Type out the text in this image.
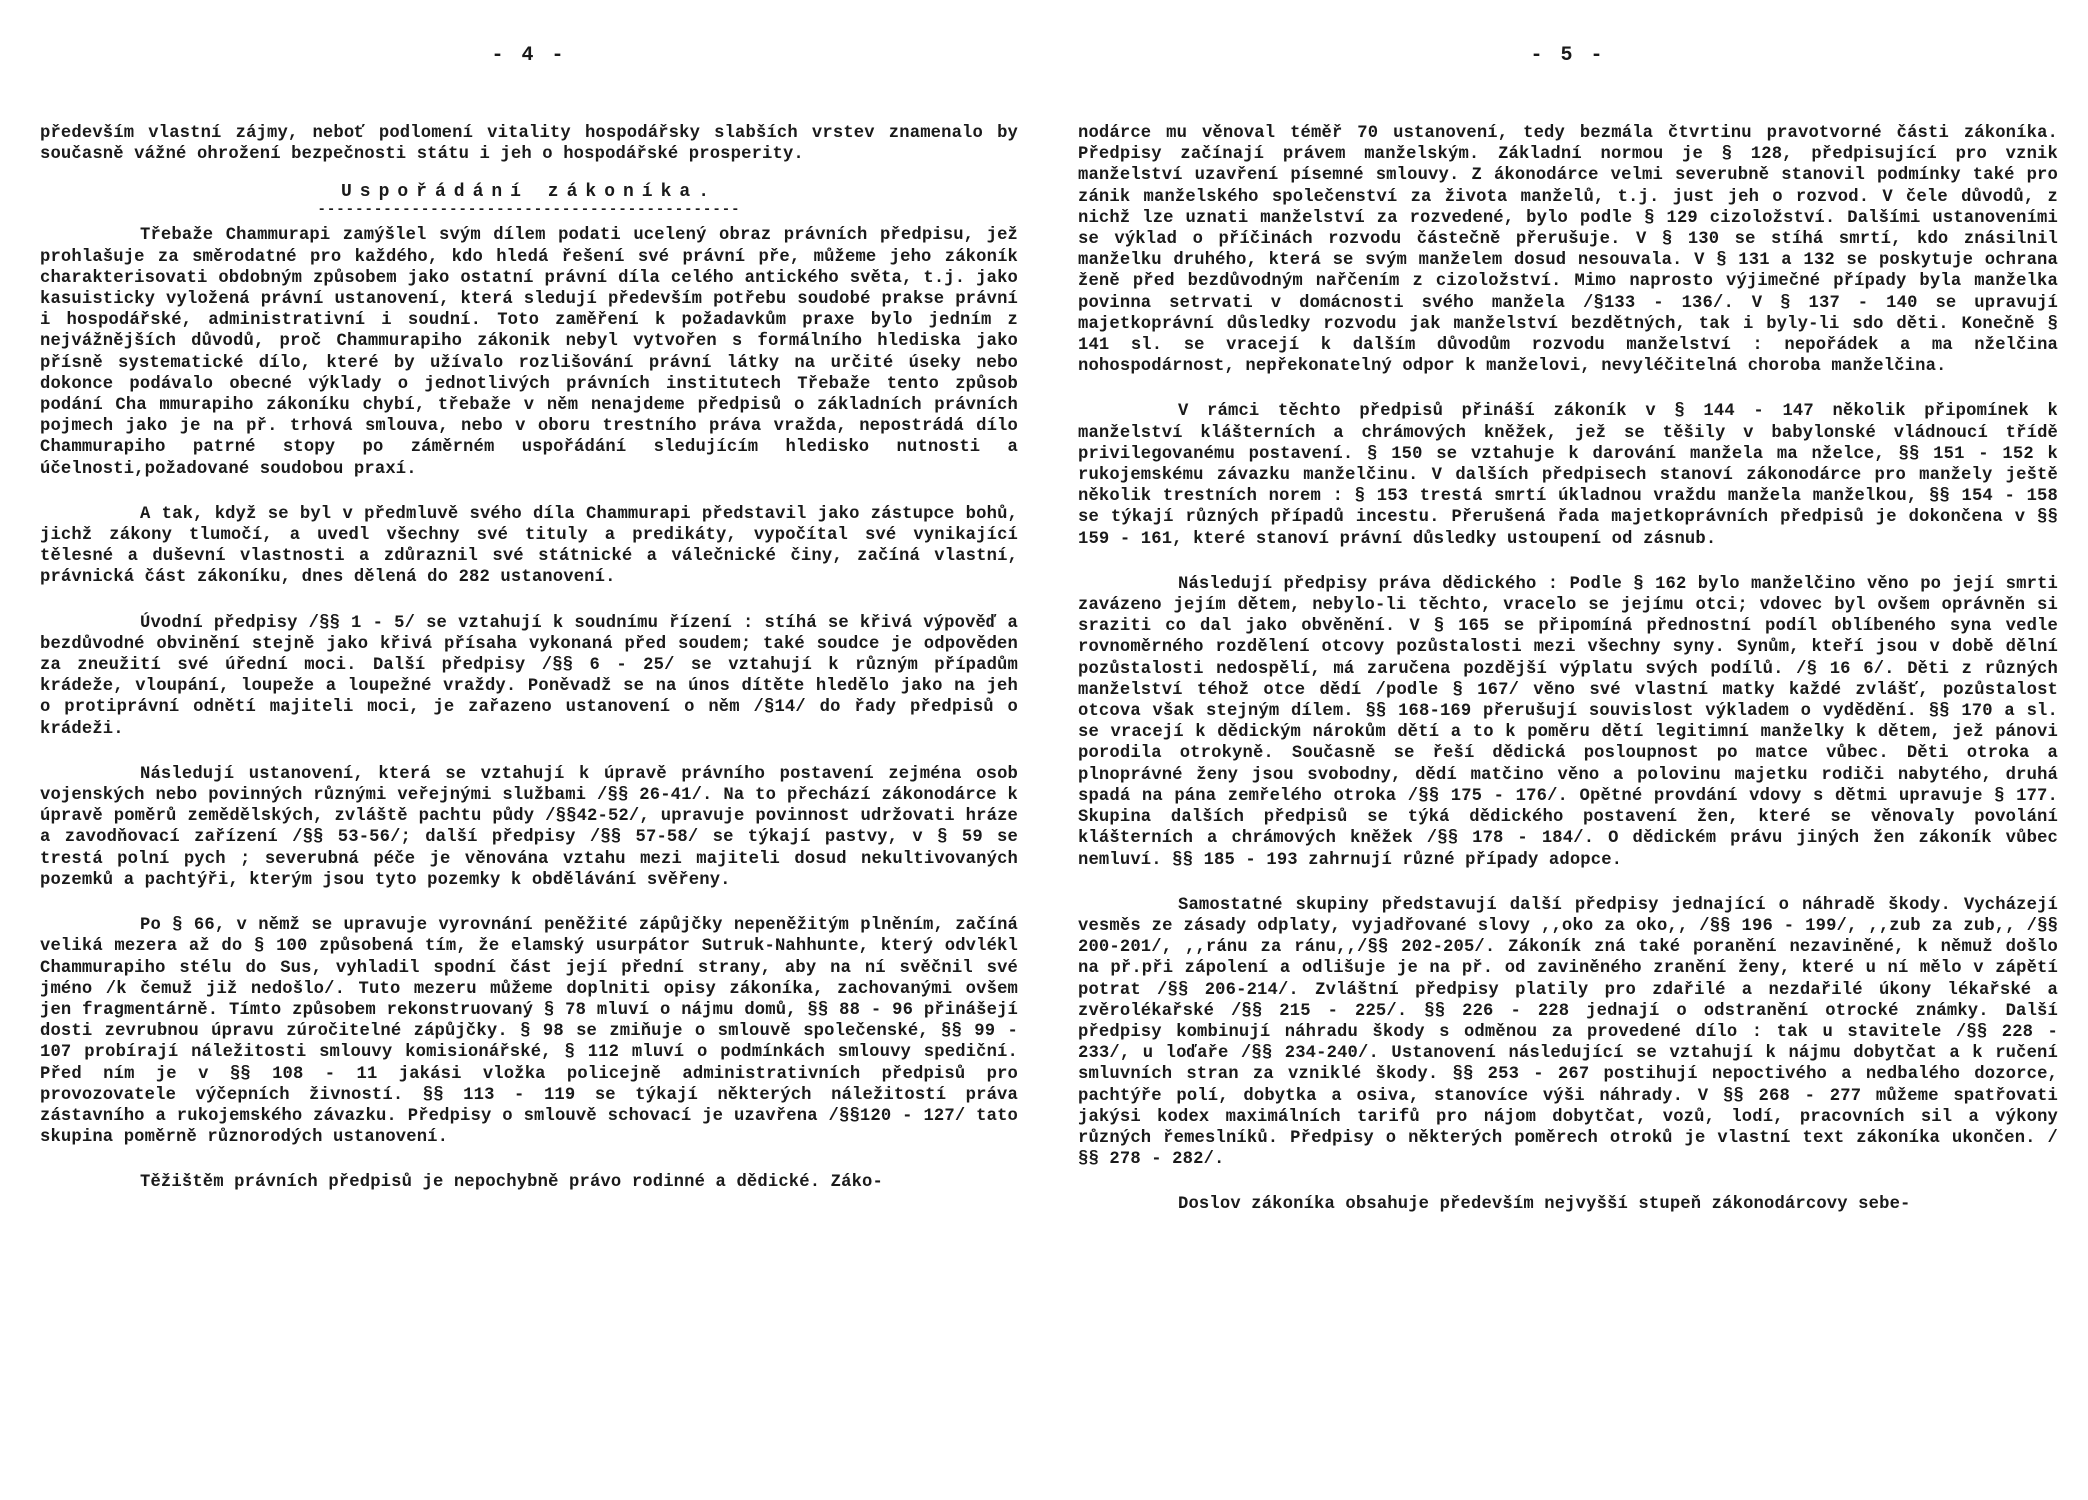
- 4 -

především vlastní zájmy, neboť podlomení vitality hospodářsky slabších vrstev znamenalo by současně vážné ohrožení bezpečnosti státu i jeh o hospodářské prosperity.

Uspořádání zákoníka.
---------------------------------------------

Třebaže Chammurapi zamýšlel svým dílem podati ucelený obraz právních předpisu, jež prohlašuje za směrodatné pro každého, kdo hledá řešení své právní pře, můžeme jeho zákoník charakterisovati obdobným způsobem jako ostatní právní díla celého antického světa, t.j. jako kasuisticky vyložená právní ustanovení, která sledují především potřebu soudobé prakse právní i hospodářské, administrativní i soudní. Toto zaměření k požadavkům praxe bylo jedním z nejvážnějších důvodů, proč Chammurapiho zákonik nebyl vytvořen s formálního hlediska jako přísně systematické dílo, které by užívalo rozlišování právní látky na určité úseky nebo dokonce podávalo obecné výklady o jednotlivých právních institutech Třebaže tento způsob podání Cha mmurapiho zákoníku chybí, třebaže v něm nenajdeme předpisů o základních právních pojmech jako je na př. trhová smlouva, nebo v oboru trestního práva vražda, nepostrádá dílo Chammurapiho patrné stopy po záměrném uspořádání sledujícím hledisko nutnosti a účelnosti,požadované soudobou praxí.

A tak, když se byl v předmluvě svého díla Chammurapi představil jako zástupce bohů, jichž zákony tlumočí, a uvedl všechny své tituly a predikáty, vypočítal své vynikající tělesné a duševní vlastnosti a zdůraznil své státnické a válečnické činy, začíná vlastní, právnická část zákoníku, dnes dělená do 282 ustanovení.

Úvodní předpisy /§§ 1 - 5/ se vztahují k soudnímu řízení : stíhá se křivá výpověď a bezdůvodné obvinění stejně jako křivá přísaha vykonaná před soudem; také soudce je odpověden za zneužití své úřední moci. Další předpisy /§§ 6 - 25/ se vztahují k různým případům krádeže, vloupání, loupeže a loupežné vraždy. Poněvadž se na únos dítěte hledělo jako na jeh o protiprávní odnětí majiteli moci, je zařazeno ustanovení o něm /§14/ do řady předpisů o krádeži.

Následují ustanovení, která se vztahují k úpravě právního postavení zejména osob vojenských nebo povinných různými veřejnými službami /§§ 26-41/. Na to přechází zákonodárce k úpravě poměrů zemědělských, zvláště pachtu půdy /§§42-52/, upravuje povinnost udržovati hráze a zavodňovací zařízení /§§ 53-56/; další předpisy /§§ 57-58/ se týkají pastvy, v § 59 se trestá polní pych ; severubná péče je věnována vztahu mezi majiteli dosud nekultivovaných pozemků a pachtýři, kterým jsou tyto pozemky k obdělávání svěřeny.

Po § 66, v němž se upravuje vyrovnání peněžité zápůjčky nepeněžitým plněním, začíná veliká mezera až do § 100 způsobená tím, že elamský usurpátor Sutruk-Nahhunte, který odvlékl Chammurapiho stélu do Sus, vyhladil spodní část její přední strany, aby na ní svěčnil své jméno /k čemuž již nedošlo/. Tuto mezeru můžeme doplniti opisy zákoníka, zachovanými ovšem jen fragmentárně. Tímto způsobem rekonstruovaný § 78 mluví o nájmu domů, §§ 88 - 96 přinášejí dosti zevrubnou úpravu zúročitelné zápůjčky. § 98 se zmiňuje o smlouvě společenské, §§ 99 - 107 probírají náležitosti smlouvy komisionářské, § 112 mluví o podmínkách smlouvy spediční. Před ním je v §§ 108 - 11 jakási vložka policejně administrativních předpisů pro provozovatele výčepních živností. §§ 113 - 119 se týkají některých náležitostí práva zástavního a rukojemského závazku. Předpisy o smlouvě schovací je uzavřena /§§120 - 127/ tato skupina poměrně různorodých ustanovení.

Těžištěm právních předpisů je nepochybně právo rodinné a dědické. Záko-

- 5 -

nodárce mu věnoval téměř 70 ustanovení, tedy bezmála čtvrtinu pravotvorné části zákoníka. Předpisy začínají právem manželským. Základní normou je § 128, předpisující pro vznik manželství uzavření písemné smlouvy. Z ákonodárce velmi severubně stanovil podmínky také pro zánik manželského společenství za života manželů, t.j. just jeh o rozvod. V čele důvodů, z nichž lze uznati manželství za rozvedené, bylo podle § 129 cizoložství. Dalšími ustanoveními se výklad o příčinách rozvodu částečně přerušuje. V § 130 se stíhá smrtí, kdo znásilnil manželku druhého, která se svým manželem dosud nesouvala. V § 131 a 132 se poskytuje ochrana ženě před bezdůvodným nařčením z cizoložství. Mimo naprosto výjimečné případy byla manželka povinna setrvati v domácnosti svého manžela /§133 - 136/. V § 137 - 140 se upravují majetkoprávní důsledky rozvodu jak manželství bezdětných, tak i byly-li sdo děti. Konečně § 141 sl. se vracejí k dalším důvodům rozvodu manželství : nepořádek a ma nželčina nohospodárnost, nepřekonatelný odpor k manželovi, nevyléčitelná choroba manželčina.

V rámci těchto předpisů přináší zákoník v § 144 - 147 několik připomínek k manželství klášterních a chrámových kněžek, jež se těšily v babylonské vládnoucí třídě privilegovanému postavení. § 150 se vztahuje k darování manžela ma nželce, §§ 151 - 152 k rukojemskému závazku manželčinu. V dalších předpisech stanoví zákonodárce pro manžely ještě několik trestních norem : § 153 trestá smrtí úkladnou vraždu manžela manželkou, §§ 154 - 158 se týkají různých případů incestu. Přerušená řada majetkoprávních předpisů je dokončena v §§ 159 - 161, které stanoví právní důsledky ustoupení od zásnub.

Následují předpisy práva dědického : Podle § 162 bylo manželčino věno po její smrti zavázeno jejím dětem, nebylo-li těchto, vracelo se jejímu otci; vdovec byl ovšem oprávněn si sraziti co dal jako obvěnění. V § 165 se připomíná přednostní podíl oblíbeného syna vedle rovnoměrného rozdělení otcovy pozůstalosti mezi všechny syny. Synům, kteří jsou v době dělní pozůstalosti nedospělí, má zaručena pozdější výplatu svých podílů. /§ 16 6/. Děti z různých manželství téhož otce dědí /podle § 167/ věno své vlastní matky každé zvlášť, pozůstalost otcova však stejným dílem. §§ 168-169 přerušují souvislost výkladem o vydědění. §§ 170 a sl. se vracejí k dědickým nárokům dětí a to k poměru dětí legitimní manželky k dětem, jež pánovi porodila otrokyně. Současně se řeší dědická posloupnost po matce vůbec. Děti otroka a plnoprávné ženy jsou svobodny, dědí matčino věno a polovinu majetku rodiči nabytého, druhá spadá na pána zemřelého otroka /§§ 175 - 176/. Opětné provdání vdovy s dětmi upravuje § 177. Skupina dalších předpisů se týká dědického postavení žen, které se věnovaly povolání klášterních a chrámových kněžek /§§ 178 - 184/. O dědickém právu jiných žen zákoník vůbec nemluví. §§ 185 - 193 zahrnují různé případy adopce.

Samostatné skupiny představují další předpisy jednající o náhradě škody. Vycházejí vesměs ze zásady odplaty, vyjadřované slovy ,,oko za oko,, /§§ 196 - 199/, ,,zub za zub,, /§§ 200-201/, ,,ránu za ránu,,/§§ 202-205/. Zákoník zná také poranění nezaviněné, k němuž došlo na př.při zápolení a odlišuje je na př. od zaviněného zranění ženy, které u ní mělo v zápětí potrat /§§ 206-214/. Zvláštní předpisy platily pro zdařilé a nezdařilé úkony lékařské a zvěrolékařské /§§ 215 - 225/. §§ 226 - 228 jednají o odstranění otrocké známky. Další předpisy kombinují náhradu škody s odměnou za provedené dílo : tak u stavitele /§§ 228 - 233/, u loďaře /§§ 234-240/. Ustanovení následující se vztahují k nájmu dobytčat a k ručení smluvních stran za vzniklé škody. §§ 253 - 267 postihují nepoctivého a nedbalého dozorce, pachtýře polí, dobytka a osiva, stanovíce výši náhrady. V §§ 268 - 277 můžeme spatřovati jakýsi kodex maximálních tarifů pro nájom dobytčat, vozů, lodí, pracovních sil a výkony různých řemeslníků. Předpisy o některých poměrech otroků je vlastní text zákoníka ukončen. /§§ 278 - 282/.

Doslov zákoníka obsahuje především nejvyšší stupeň zákonodárcovy sebe-
